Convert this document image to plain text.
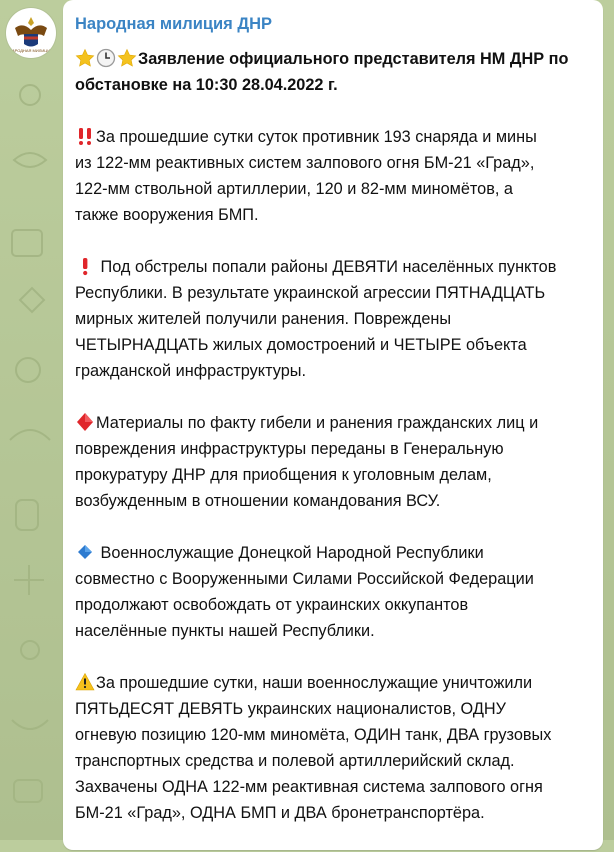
НАРОДНАЯ МИЛИЦИЯ
Народная милиция ДНР
Заявление официального представителя НМ ДНР по
обстановке на 10:30 28.04.2022 г.
За прошедшие сутки суток противник 193 снаряда и мины
из 122-мм реактивных систем залпового огня БМ-21 «Град»,
122-мм ствольной артиллерии, 120 и 82-мм миномётов, а
также вооружения БМП.
Под обстрелы попали районы ДЕВЯТИ населённых пунктов
Республики. В результате украинской агрессии ПЯТНАДЦАТЬ
мирных жителей получили ранения. Повреждены
ЧЕТЫРНАДЦАТЬ жилых домостроений и ЧЕТЫРЕ объекта
гражданской инфраструктуры.
Материалы по факту гибели и ранения гражданских лиц и
повреждения инфраструктуры переданы в Генеральную
прокуратуру ДНР для приобщения к уголовным делам,
возбужденным в отношении командования ВСУ.
Военнослужащие Донецкой Народной Республики
совместно с Вооруженными Силами Российской Федерации
продолжают освобождать от украинских оккупантов
населённые пункты нашей Республики.
За прошедшие сутки, наши военнослужащие уничтожили
ПЯТЬДЕСЯТ ДЕВЯТЬ украинских националистов, ОДНУ
огневую позицию 120-мм миномёта, ОДИН танк, ДВА грузовых
транспортных средства и полевой артиллерийский склад.
Захвачены ОДНА 122-мм реактивная система залпового огня
БМ-21 «Град», ОДНА БМП и ДВА бронетранспортёра.
